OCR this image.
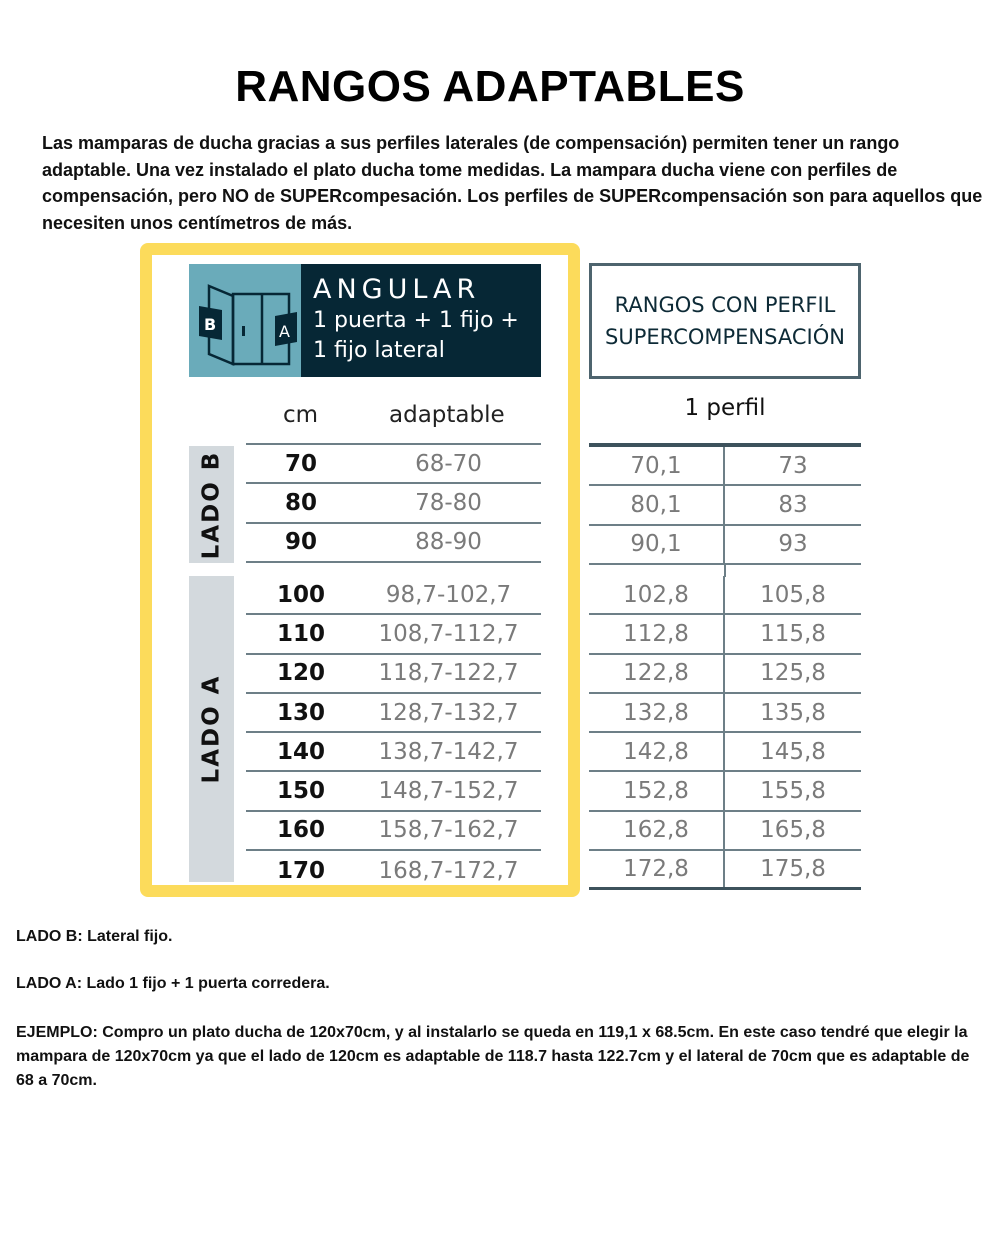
RANGOS ADAPTABLES
Las mamparas de ducha gracias a sus perfiles laterales (de compensación) permiten tener un rango adaptable. Una vez instalado el plato ducha tome medidas. La mampara ducha viene con perfiles de compensación, pero NO de SUPERcompesación. Los perfiles de SUPERcompensación son para aquellos que necesiten unos centímetros de más.
B	A
ANGULAR
1 puerta + 1 fijo +
1 fijo lateral
cm	adaptable
LADO B
LADO A
70	68-70
80	78-80
90	88-90
100	98,7-102,7
110	108,7-112,7
120	118,7-122,7
130	128,7-132,7
140	138,7-142,7
150	148,7-152,7
160	158,7-162,7
170	168,7-172,7
RANGOS CON PERFIL
SUPERCOMPENSACIÓN
1 perfil
70,1	73
80,1	83
90,1	93
102,8	105,8
112,8	115,8
122,8	125,8
132,8	135,8
142,8	145,8
152,8	155,8
162,8	165,8
172,8	175,8
LADO B: Lateral fijo.
LADO A: Lado 1 fijo + 1 puerta corredera.
EJEMPLO: Compro un plato ducha de 120x70cm, y al instalarlo se queda en 119,1 x 68.5cm. En este caso tendré que elegir la mampara de 120x70cm ya que el lado de 120cm es adaptable de 118.7 hasta 122.7cm y el lateral de 70cm que es adaptable de 68 a 70cm.
